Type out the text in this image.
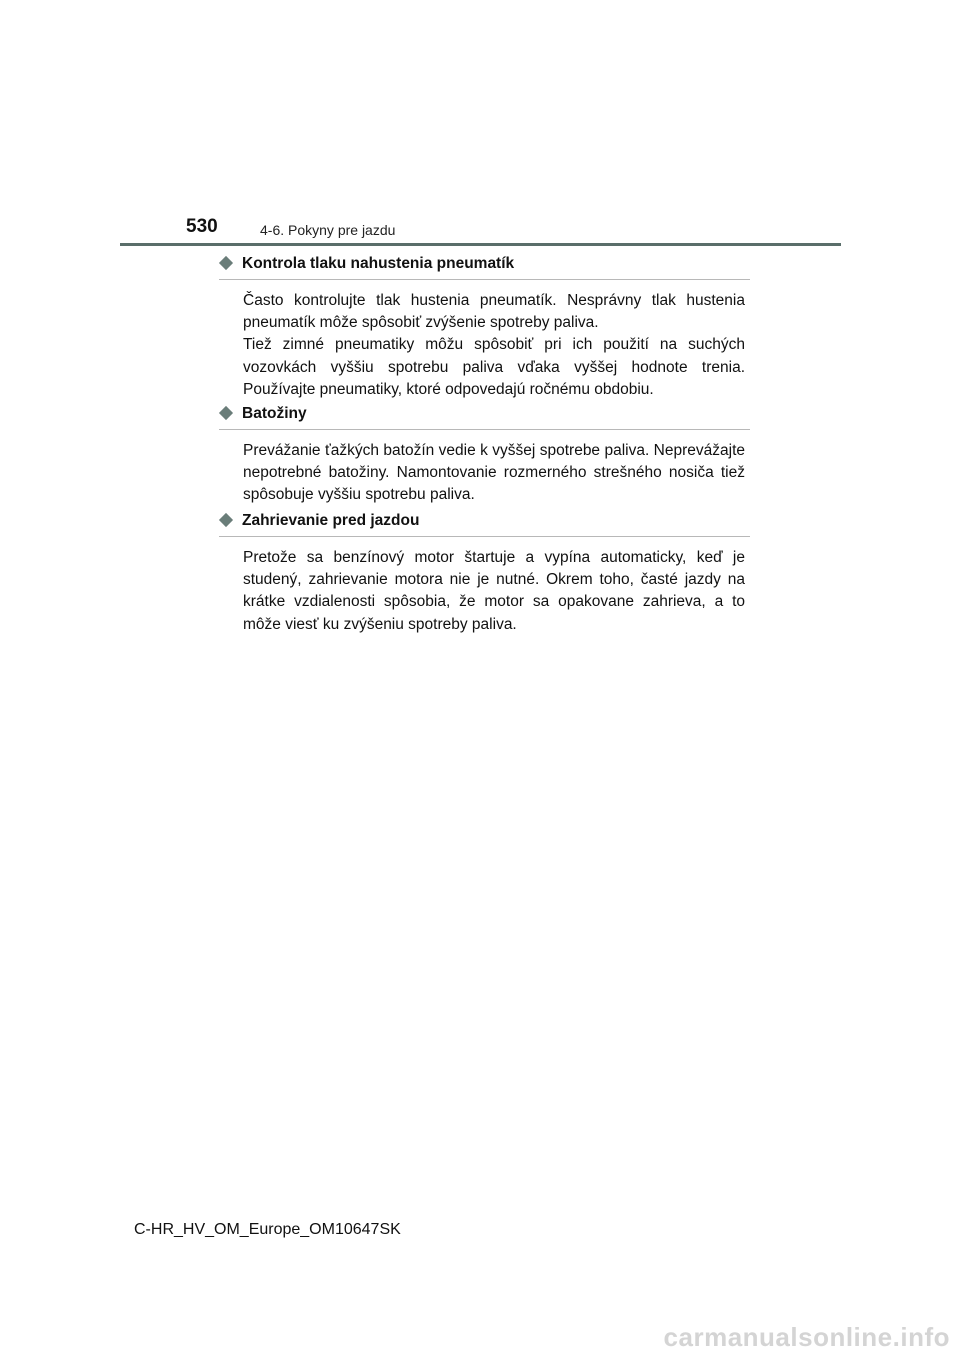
530	4-6. Pokyny pre jazdu
Kontrola tlaku nahustenia pneumatík

Často kontrolujte tlak hustenia pneumatík. Nesprávny tlak hustenia pneumatík môže spôsobiť zvýšenie spotreby paliva.

Tiež zimné pneumatiky môžu spôsobiť pri ich použití na suchých vozovkách vyššiu spotrebu paliva vďaka vyššej hodnote trenia. Používajte pneumatiky, ktoré odpovedajú ročnému obdobiu.

Batožiny

Prevážanie ťažkých batožín vedie k vyššej spotrebe paliva. Neprevážajte nepotrebné batožiny. Namontovanie rozmerného strešného nosiča tiež spôsobuje vyššiu spotrebu paliva.

Zahrievanie pred jazdou

Pretože sa benzínový motor štartuje a vypína automaticky, keď je studený, zahrievanie motora nie je nutné. Okrem toho, časté jazdy na krátke vzdialenosti spôsobia, že motor sa opakovane zahrieva, a to môže viesť ku zvýšeniu spotreby paliva.

C-HR_HV_OM_Europe_OM10647SK
carmanualsonline.info
